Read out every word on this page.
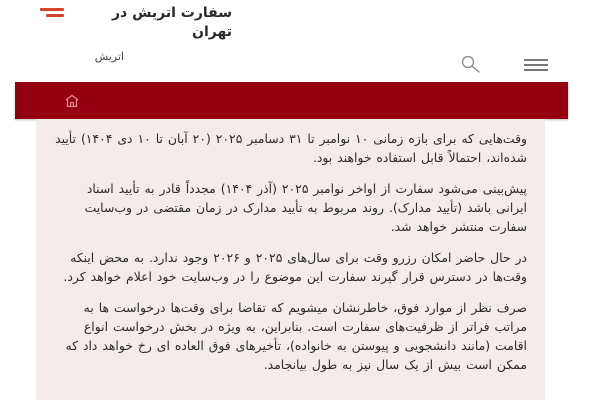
سفارت اتریش در تهران
اتریش

وقت‌هایی که برای بازه زمانی ۱۰ نوامبر تا ۳۱ دسامبر ۲۰۲۵ (۲۰ آبان تا ۱۰ دی ۱۴۰۴) تأیید شده‌اند، احتمالاً قابل استفاده خواهند بود.

پیش‌بینی می‌شود سفارت از اواخر نوامبر ۲۰۲۵ (آذر ۱۴۰۴) مجدداً قادر به تأیید اسناد ایرانی باشد (تأیید مدارک). روند مربوط به تأیید مدارک در زمان مقتضی در وب‌سایت سفارت منتشر خواهد شد.

در حال حاضر امکان رزرو وقت برای سال‌های ۲۰۲۵ و ۲۰۲۶ وجود ندارد. به محض اینکه وقت‌ها در دسترس قرار گیرند سفارت این موضوع را در وب‌سایت خود اعلام خواهد کرد.

صرف نظر از موارد فوق، خاطرنشان میشویم که تقاضا برای وقت‌ها درخواست ها به مراتب فراتر از ظرفیت‌های سفارت است. بنابراین، به ویژه در بخش درخواست انواع اقامت (مانند دانشجویی و پیوستن به خانواده)، تأخیرهای فوق العاده ای رخ خواهد داد که ممکن است بیش از یک سال نیز به طول بیانجامد.
